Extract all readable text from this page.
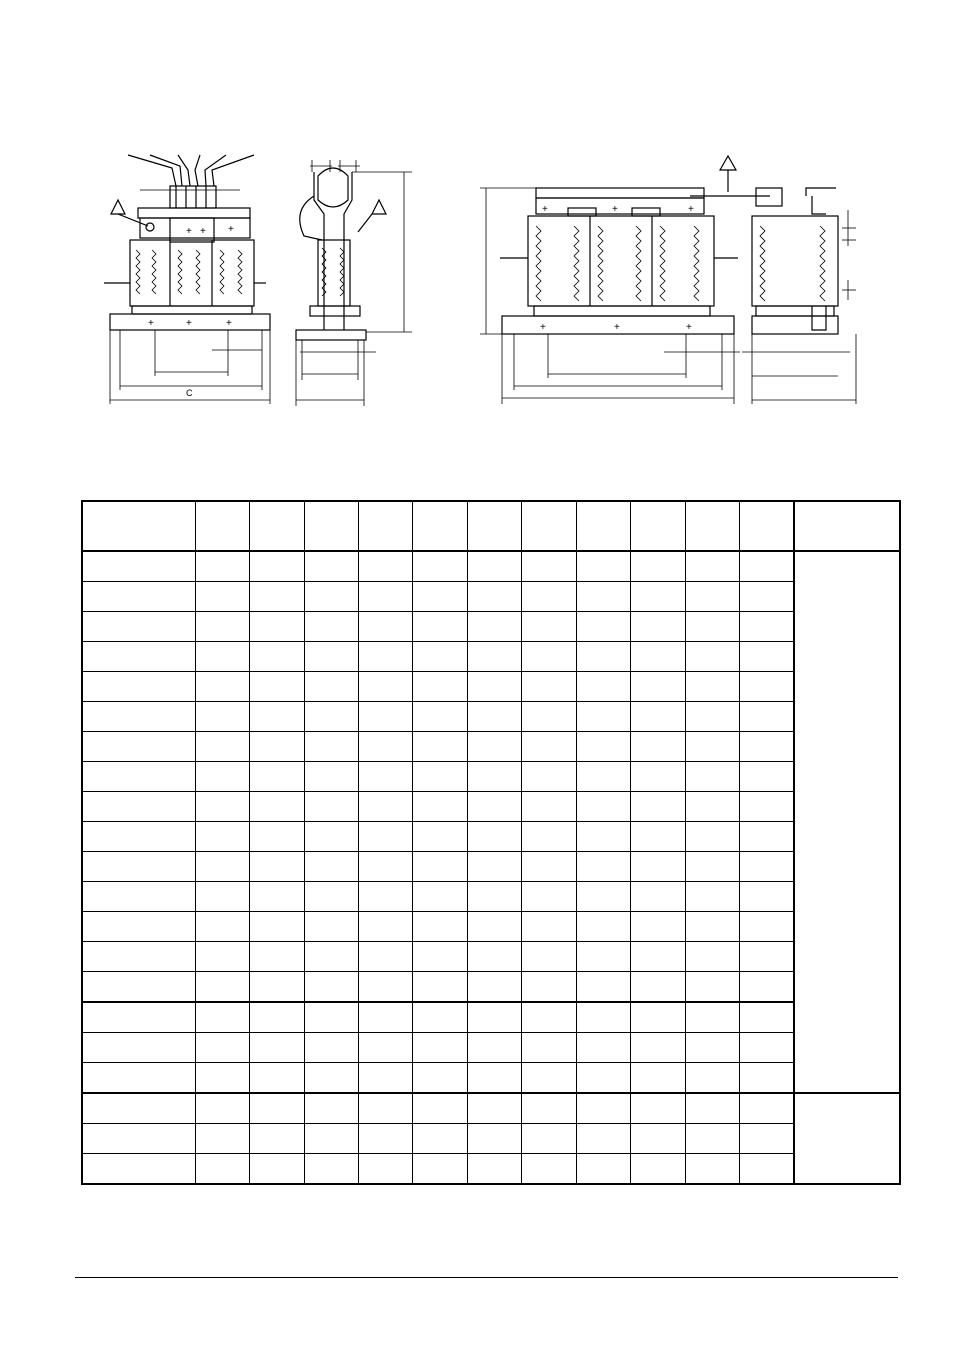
+ + +
+	+	+
C
+	+	+
+	+	+
